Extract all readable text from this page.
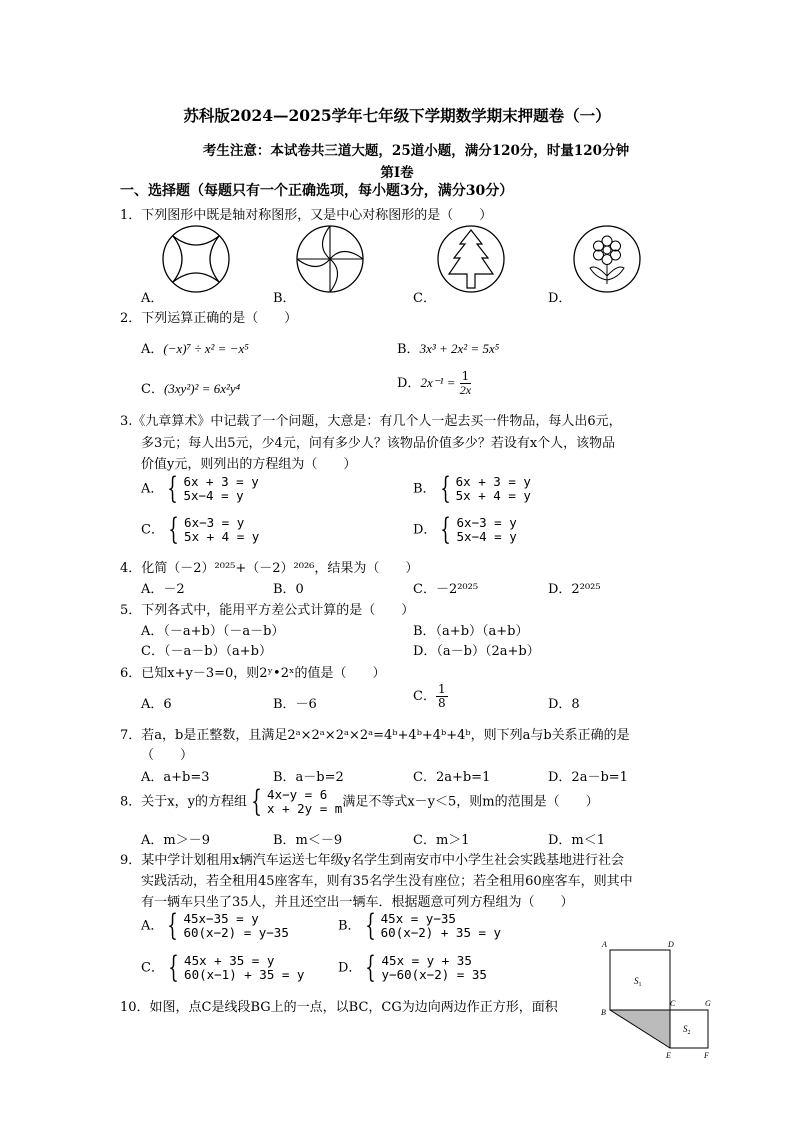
苏科版2024—2025学年七年级下学期数学期末押题卷（一）
考生注意：本试卷共三道大题，25道小题，满分120分，时量120分钟
第Ⅰ卷
一、选择题（每题只有一个正确选项，每小题3分，满分30分）
1．下列图形中既是轴对称图形，又是中心对称图形的是（　　）
A．	B．	C．	D．
2．下列运算正确的是（　　）
A．(−x)⁷ ÷ x² = −x⁵	B．3x³ + 2x² = 5x⁵
C．(3xy²)² = 6x²y⁴	D．$2x^{-1} = \frac{1}{2x}$
3.《九章算术》中记载了一个问题，大意是：有几个人一起去买一件物品，每人出6元，
多3元；每人出5元，少4元，问有多少人？该物品价值多少？若设有x个人，该物品
价值y元，则列出的方程组为（　　）
A． { 6x + 3 = y
5x−4 = y	B． { 6x + 3 = y
5x + 4 = y
C． { 6x−3 = y
5x + 4 = y	D． { 6x−3 = y
5x−4 = y
4．化简（－2）²⁰²⁵+（－2）²⁰²⁶，结果为（　　）
A．－2	B．0	C．－2²⁰²⁵	D．2²⁰²⁵
5．下列各式中，能用平方差公式计算的是（　　）
A．（－a+b）（－a－b）	B．（a+b）（a+b）
C．（－a－b）（a+b）	D．（a－b）（2a+b）
6．已知x+y－3=0，则2ʸ•2ˣ的值是（　　）
A．6	B．－6
C． $\frac{1}{8}$	D．8
7．若a，b是正整数，且满足2ᵃ×2ᵃ×2ᵃ×2ᵃ=4ᵇ+4ᵇ+4ᵇ+4ᵇ，则下列a与b关系正确的是
（　　）
A．a+b=3	B．a－b=2	C．2a+b=1	D．2a－b=1
8．关于x，y的方程组 { 4x−y = 6
x + 2y = m 满足不等式x－y＜5，则m的范围是（　　）
A．m＞－9	B．m＜－9	C．m＞1	D．m＜1
9．某中学计划租用x辆汽车运送七年级y名学生到南安市中小学生社会实践基地进行社会
实践活动，若全租用45座客车，则有35名学生没有座位；若全租用60座客车，则其中
有一辆车只坐了35人，并且还空出一辆车．根据题意可列方程组为（　　）
A． { 45x−35 = y
60(x−2) = y−35	B． { 45x = y−35
60(x−2) + 35 = y
C． { 45x + 35 = y
60(x−1) + 35 = y	D． { 45x = y + 35
y−60(x−2) = 35
10．如图，点C是线段BG上的一点，以BC，CG为边向两边作正方形，面积
A	D
B
C	G
E	F
$S_1$
$S_2$
